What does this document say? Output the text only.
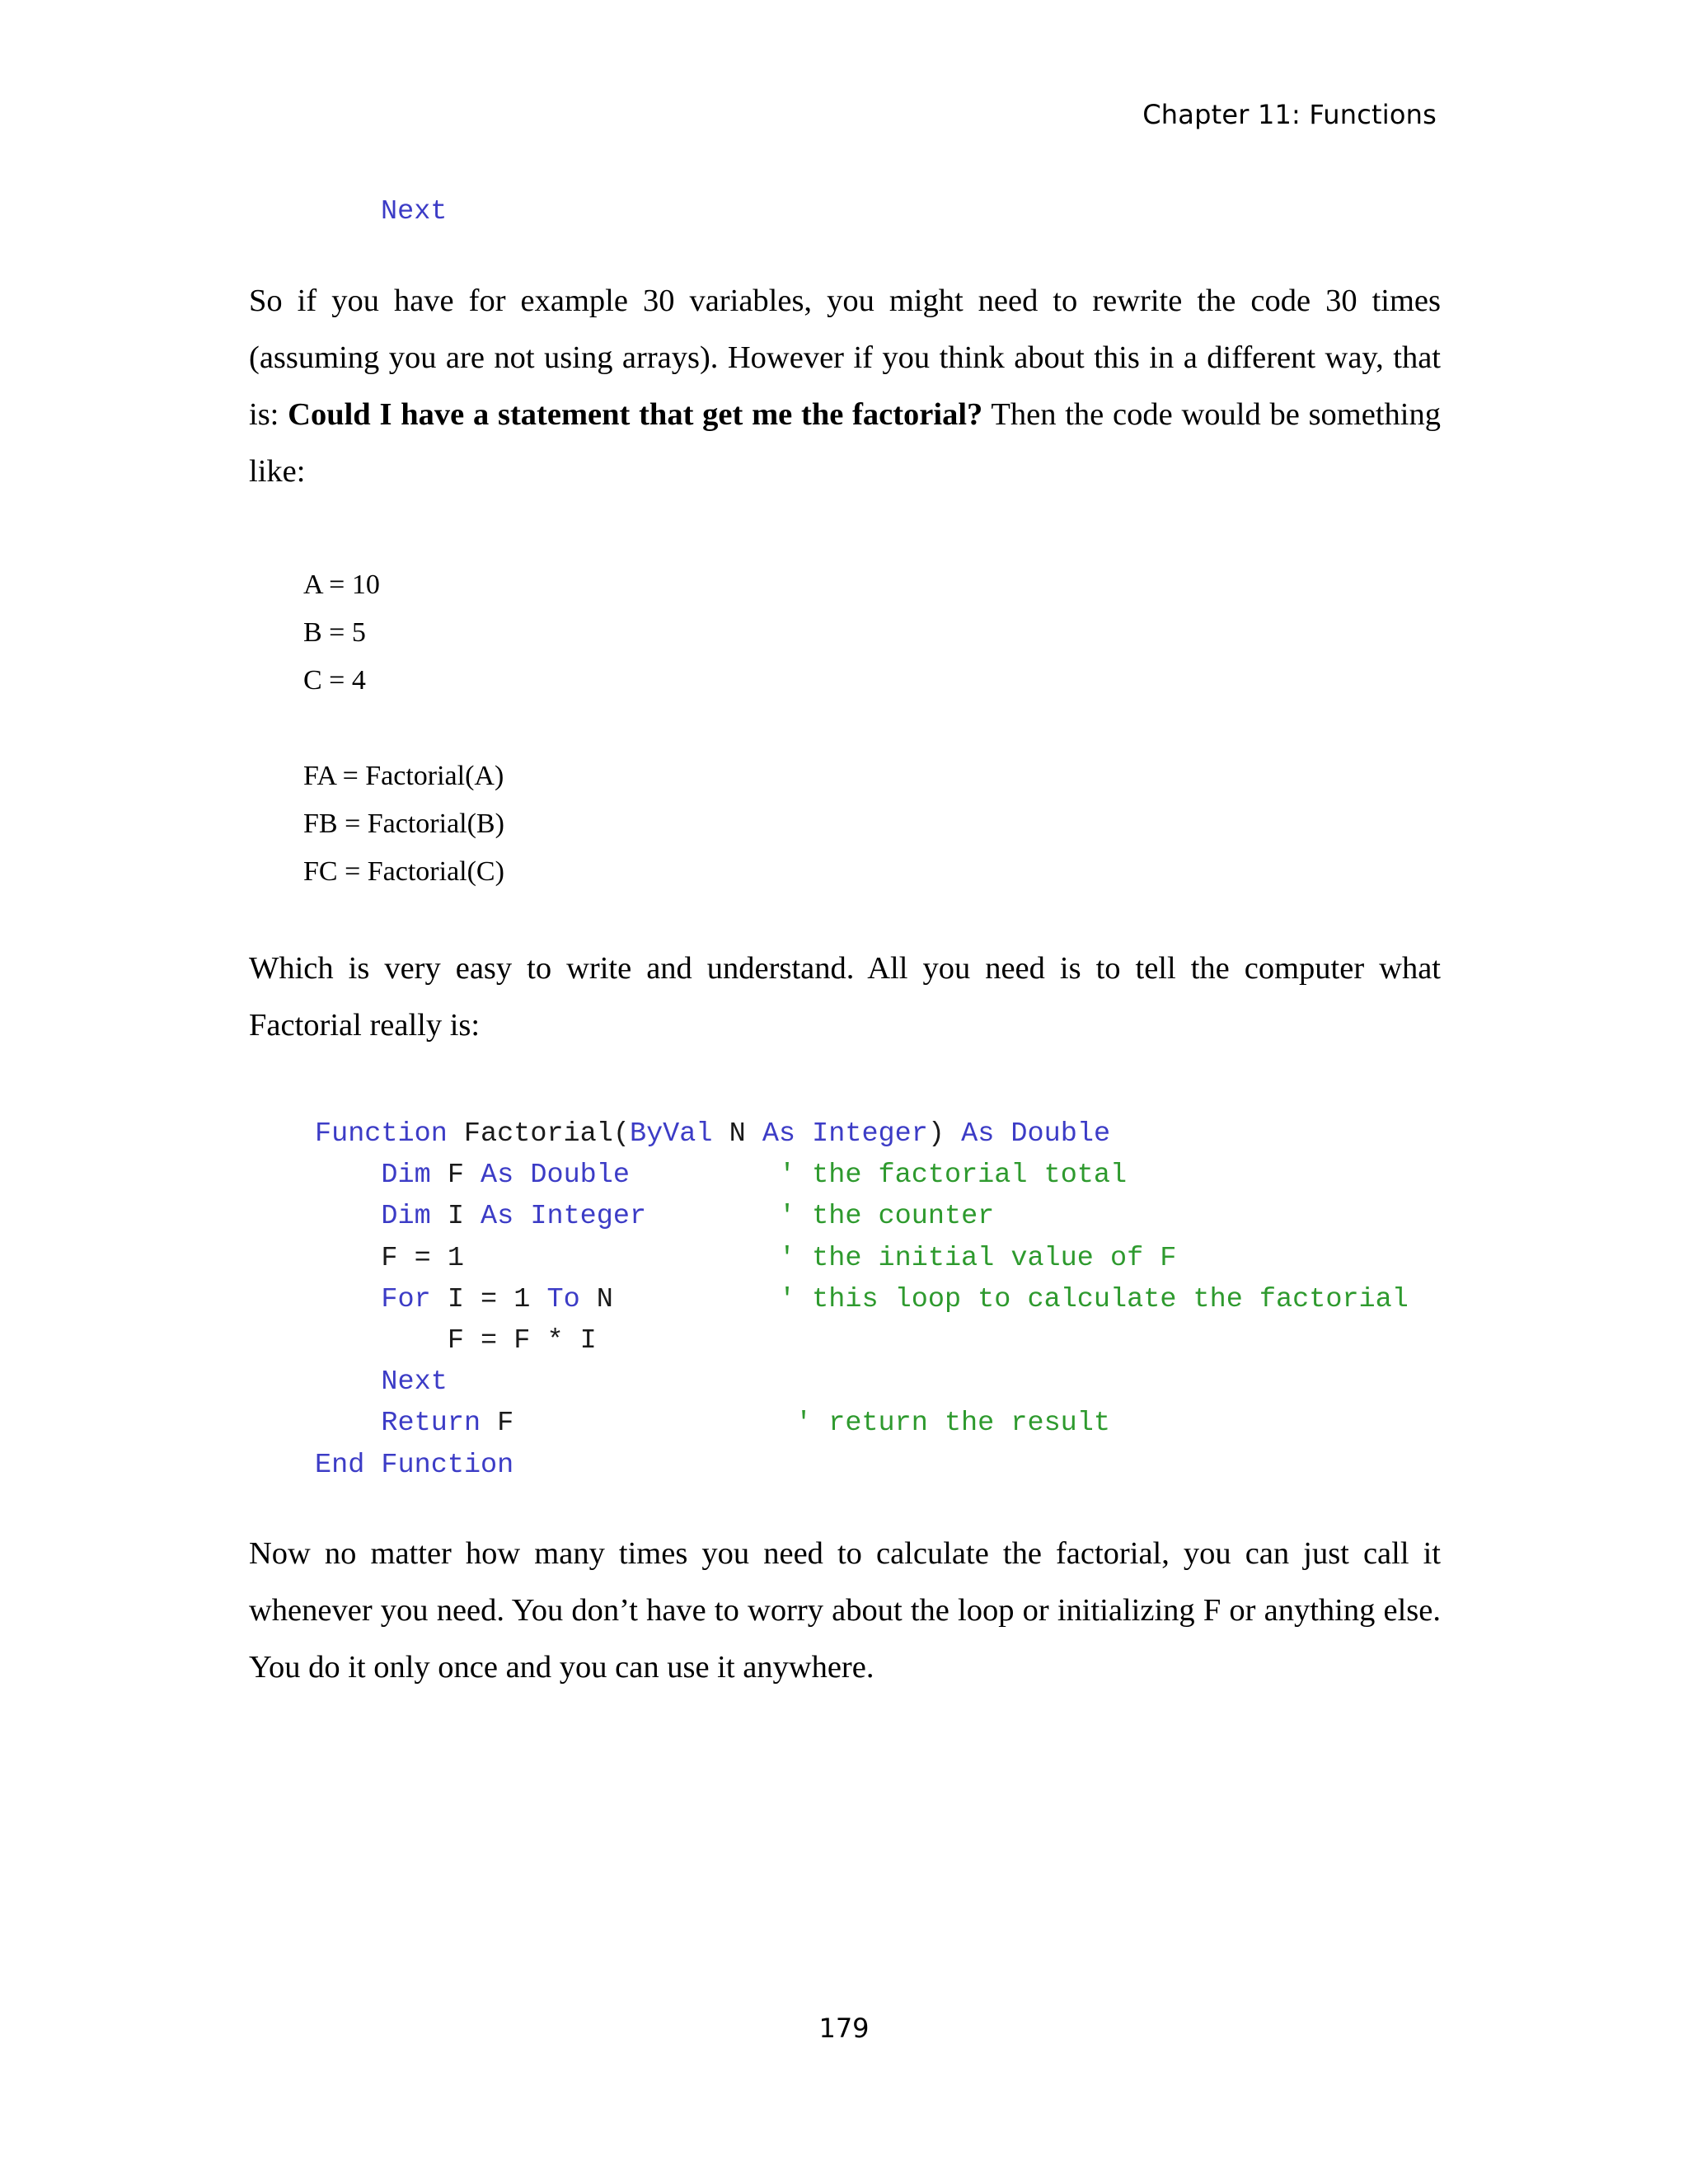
Chapter 11: Functions
Next

So if you have for example 30 variables, you might need to rewrite the code 30 times (assuming you are not using arrays). However if you think about this in a different way, that is: Could I have a statement that get me the factorial? Then the code would be something like:

A = 10
B = 5
C = 4
FA = Factorial(A)
FB = Factorial(B)
FC = Factorial(C)

Which is very easy to write and understand. All you need is to tell the computer what Factorial really is:

Function Factorial(ByVal N As Integer) As Double
Dim F As Double	' the factorial total
Dim I As Integer	' the counter
F = 1                   ' the initial value of F
For I = 1 To N          ' this loop to calculate the factorial
F = F * I
Next
Return F                 ' return the result
End Function

Now no matter how many times you need to calculate the factorial, you can just call it whenever you need. You don’t have to worry about the loop or initializing F or anything else. You do it only once and you can use it anywhere.

179
